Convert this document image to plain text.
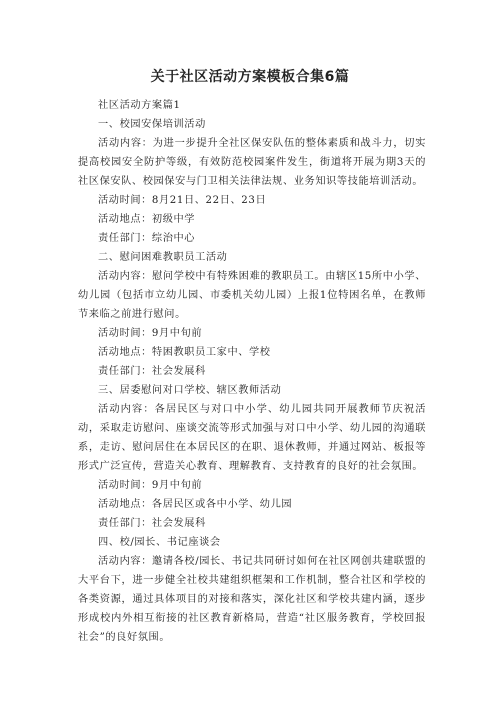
关于社区活动方案模板合集6篇

社区活动方案篇1

一、校园安保培训活动

活动内容：为进一步提升全社区保安队伍的整体素质和战斗力，切实提高校园安全防护等级，有效防范校园案件发生，街道将开展为期3天的社区保安队、校园保安与门卫相关法律法规、业务知识等技能培训活动。

活动时间：8月21日、22日、23日

活动地点：初级中学

责任部门：综治中心

二、慰问困难教职员工活动

活动内容：慰问学校中有特殊困难的教职员工。由辖区15所中小学、幼儿园（包括市立幼儿园、市委机关幼儿园）上报1位特困名单，在教师节来临之前进行慰问。

活动时间：9月中旬前

活动地点：特困教职员工家中、学校

责任部门：社会发展科

三、居委慰问对口学校、辖区教师活动

活动内容：各居民区与对口中小学、幼儿园共同开展教师节庆祝活动，采取走访慰问、座谈交流等形式加强与对口中小学、幼儿园的沟通联系，走访、慰问居住在本居民区的在职、退休教师，并通过网站、板报等形式广泛宣传，营造关心教育、理解教育、支持教育的良好的社会氛围。

活动时间：9月中旬前

活动地点：各居民区或各中小学、幼儿园

责任部门：社会发展科

四、校/园长、书记座谈会

活动内容：邀请各校/园长、书记共同研讨如何在社区网创共建联盟的大平台下，进一步健全社校共建组织框架和工作机制，整合社区和学校的各类资源，通过具体项目的对接和落实，深化社区和学校共建内涵，逐步形成校内外相互衔接的社区教育新格局，营造“社区服务教育，学校回报社会”的良好氛围。
